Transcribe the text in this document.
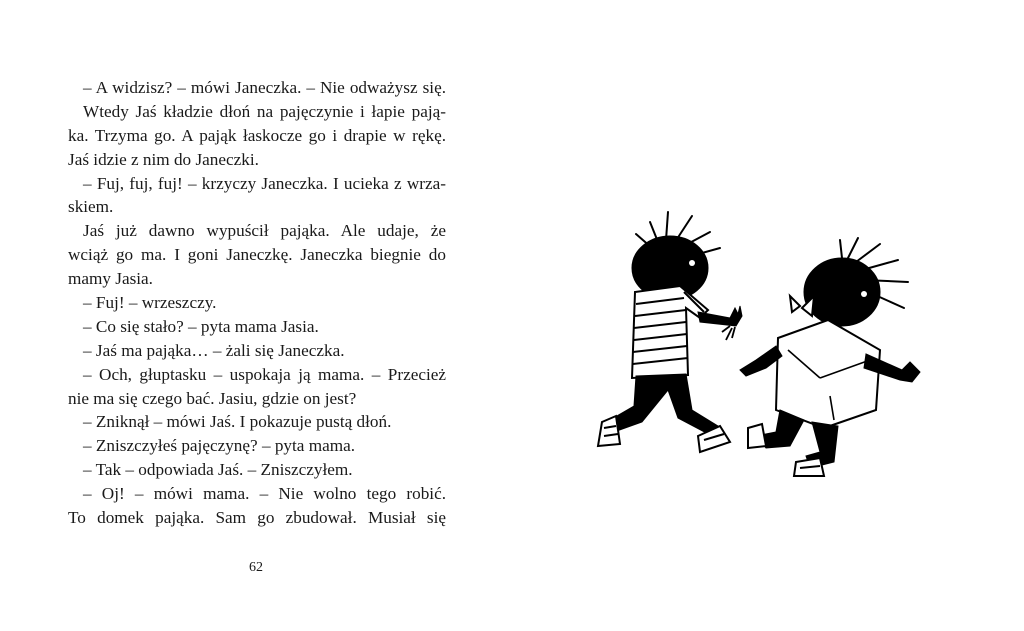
– A widzisz? – mówi Janeczka. – Nie odważysz się.
Wtedy Jaś kładzie dłoń na pajęczynie i łapie pają-
ka. Trzyma go. A pająk łaskocze go i drapie w rękę.
Jaś idzie z nim do Janeczki.
– Fuj, fuj, fuj! – krzyczy Janeczka. I ucieka z wrza-
skiem.
Jaś już dawno wypuścił pająka. Ale udaje, że
wciąż go ma. I goni Janeczkę. Janeczka biegnie do
mamy Jasia.
– Fuj! – wrzeszczy.
– Co się stało? – pyta mama Jasia.
– Jaś ma pająka… – żali się Janeczka.
– Och, głuptasku – uspokaja ją mama. – Przecież
nie ma się czego bać. Jasiu, gdzie on jest?
– Zniknął – mówi Jaś. I pokazuje pustą dłoń.
– Zniszczyłeś pajęczynę? – pyta mama.
– Tak – odpowiada Jaś. – Zniszczyłem.
– Oj! – mówi mama. – Nie wolno tego robić.
To domek pająka. Sam go zbudował. Musiał się
62
